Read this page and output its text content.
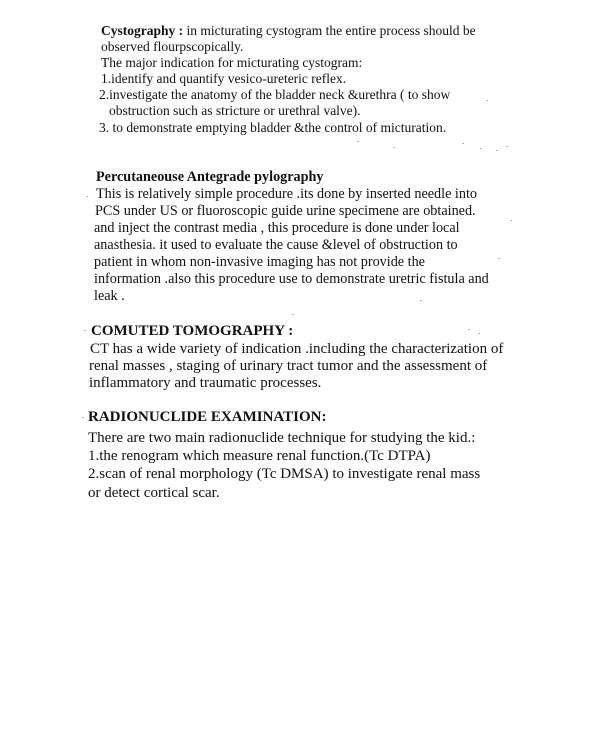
Cystography : in micturating cystogram the entire process should be
observed flourpscopically.
The major indication for micturating cystogram:
1.identify and quantify vesico-ureteric reflex.
2.investigate the anatomy of the bladder neck &urethra ( to show
obstruction such as stricture or urethral valve).
3. to demonstrate emptying bladder &the control of micturation.
Percutaneouse Antegrade pylography
This is relatively simple procedure .its done by inserted needle into
PCS under US or fluoroscopic guide urine specimene are obtained.
and inject the contrast media , this procedure is done under local
anasthesia. it used to evaluate the cause &level of obstruction to
patient in whom non-invasive imaging has not provide the
information .also this procedure use to demonstrate uretric fistula and
leak .
COMUTED TOMOGRAPHY :
CT has a wide variety of indication .including the characterization of
renal masses , staging of urinary tract tumor and the assessment of
inflammatory and traumatic processes.
RADIONUCLIDE EXAMINATION:
There are two main radionuclide technique for studying the kid.:
1.the renogram which measure renal function.(Tc DTPA)
2.scan of renal morphology (Tc DMSA) to investigate renal mass
or detect cortical scar.
